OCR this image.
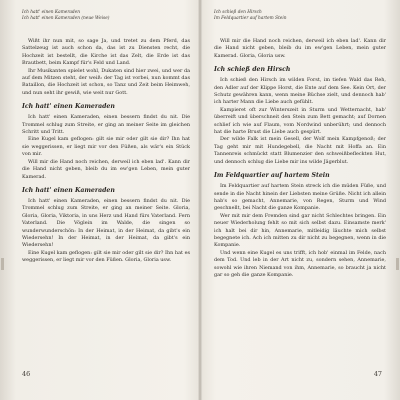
Ich hatt' einen Kameraden
Ich hatt' einen Kameraden (neue Weise)

Wißt ihr nun mit, so sage Ja, und tretet zu dem Pferd, das Sattelzeug ist auch schon da, das ist zu Diensten recht, die Hochzeit ist bestellt, die Kirche ist das Zelt, die Erde ist das Brautbett, beim Kampf für's Feld und Land.

Ihr Musikanten spielet wohl, Dukaten sind hier zwei, und wer da auf dem Mitzen steht, der weiß: der Tag ist vorbei, nun kommt das Bataillon, die Hochzeit ist schon, so Tanz und Zeit beim Heimweh, und nun seht ihr gewiß, wie weit nur Gott.

Ich hatt' einen Kameraden

Ich hatt' einen Kameraden, einen bessern findst du nit. Die Trommel schlug zum Streite, er ging an meiner Seite im gleichen Schritt und Tritt.

Eine Kugel kam geflogen: gilt sie mir oder gilt sie dir? Ihn hat sie weggerissen, er liegt mir vor den Füßen, als wär's ein Stück von mir.

Will mir die Hand noch reichen, derweil ich eben lad'. Kann dir die Hand nicht geben, bleib du im ew'gen Leben, mein guter Kamerad.

Ich hatt' einen Kameraden

Ich hatt' einen Kameraden, einen bessern findst du nit. Die Trommel schlug zum Streite, er ging an meiner Seite. Gloria, Gloria, Gloria, Viktoria, in uns Herz und Hand fürs Vaterland. Fern Vaterland. Die Vöglein im Walde, die singen so wunderwunderschön: In der Heimat, in der Heimat, da gibt's ein Wiedersehn! In der Heimat, in der Heimat, da gibt's ein Wiedersehn!

Eine Kugel kam geflogen: gilt sie mir oder gilt sie dir? Ihn hat es weggerissen, er liegt mir vor den Füßen. Gloria, Gloria usw.

46
Ich schieß den Hirsch
Im Feldquartier auf hartem Stein

Will mir die Hand noch reichen, derweil ich eben lad'. Kann dir die Hand nicht geben, bleib du im ew'gen Leben, mein guter Kamerad. Gloria, Gloria usw.

Ich schieß den Hirsch

Ich schieß den Hirsch im wilden Forst, im tiefen Wald das Reh, den Adler auf der Klippe Horst, die Ente auf dem See. Kein Ort, der Schutz gewähren kann, wenn meine Büchse zielt, und dennoch hab' ich harter Mann die Liebe auch gefühlt.

Kampieret oft zur Winterszeit in Sturm und Wetternacht, hab' überreift und überschneit den Stein zum Bett gemacht; auf Dornen schlief ich wie auf Flaum, vom Nordwind unberührt; und dennoch hat die harte Brust die Liebe auch gespürt.

Der wilde Falk ist mein Gesell, der Wolf mein Kampfgenoß; der Tag geht mir mit Hundegebell, die Nacht mit Hoffa an. Ein Tannenreis schmückt statt Blumenzier den schweißbefleckten Hut, und dennoch schlug die Liebe mir ins wilde Jägerblut.

Im Feldquartier auf hartem Stein

Im Feldquartier auf hartem Stein streck ich die müden Füße, und sende in die Nacht hinein der Liebsten meine Grüße. Nicht ich allein hab's so gemacht, Annemarie, von Regen, Sturm und Wind geschnellt, bei Nacht die ganze Kompanie.

Wer mit mir dem Fremden sind gar nicht Schlechtes bringen. Ein neuer Wiederholung fehlt so mit sich selbst dazu. Einsamste merk' ich halt bei dir hin, Annemarie, mitleidig läuchte mich selbst begegnete ich. Ach ich mitten zu dir nicht zu begegnen, wenn in die Kompanie.

Und wenn eine Kugel es uns trifft, ich hob' einmal im Felde, nach dem Tod. Und leb in der Art nicht zu, sondern sehen, Annemarie, sowohl wie ihren Niemand von ihm, Annemarie, so braucht ja nicht gar so geh die ganze Kompanie.

47
